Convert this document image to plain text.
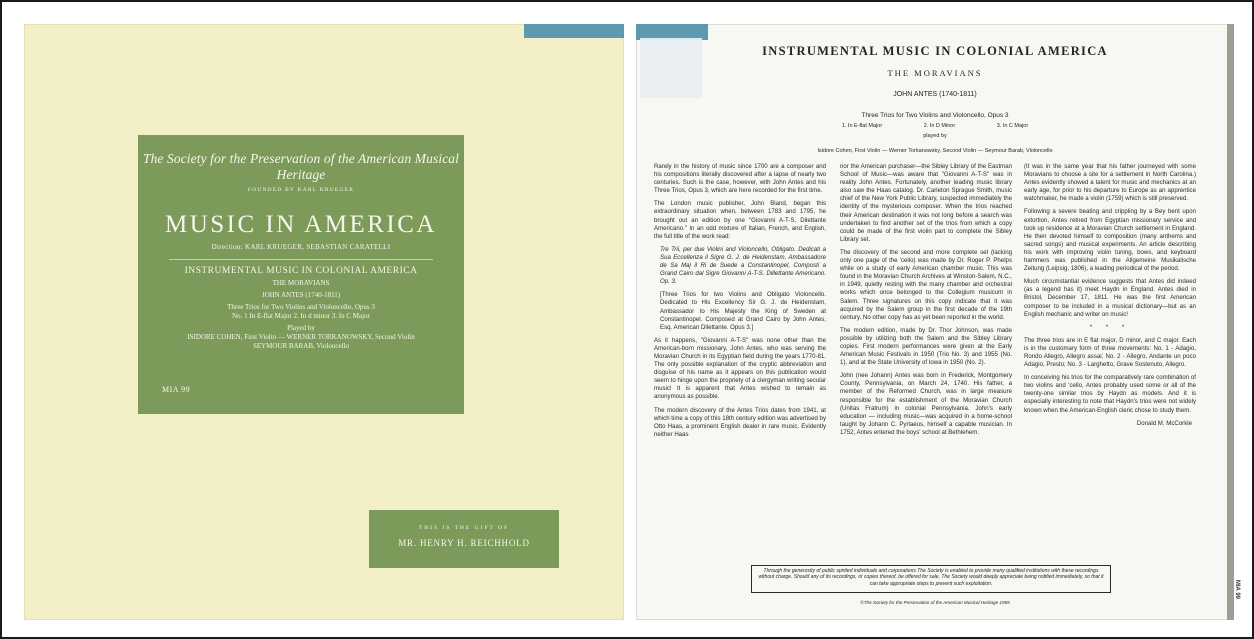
The Society for the Preservation of the American Musical Heritage
FOUNDED BY KARL KRUEGER
MUSIC IN AMERICA
Direction: KARL KRUEGER, SEBASTIAN CARATELLI
INSTRUMENTAL MUSIC IN COLONIAL AMERICA
THE MORAVIANS
JOHN ANTES (1740-1811)
Three Trios for Two Violins and Violoncello, Opus 3
No. 1 In E-flat Major 2. In d minor 3. In C Major
Played by
ISIDORE COHEN, First Violin — WERNER TORKANOWSKY, Second Violin
SEYMOUR BARAB, Violoncello
MIA 99
THIS IS THE GIFT OF
MR. HENRY H. REICHHOLD
MIA 99
INSTRUMENTAL MUSIC IN COLONIAL AMERICA
THE MORAVIANS
JOHN ANTES (1740-1811)
Three Trios for Two Violins and Violoncello, Opus 3
1. In E-flat Major	2. In D Minor	3. In C Major
played by
Isidore Cohen, First Violin — Werner Torkanowsky, Second Violin — Seymour Barab, Violoncello

Rarely in the history of music since 1700 are a composer and his compositions literally discovered after a lapse of nearly two centuries. Such is the case, however, with John Antes and his Three Trios, Opus 3, which are here recorded for the first time.

The London music publisher, John Bland, began this extraordinary situation when, between 1783 and 1795, he brought out an edition by one "Giovanni A-T-S, Dilettante Americano." In an odd mixture of Italian, French, and English, the full title of the work read:

Tre Trii, per due Violini and Violoncello, Obligato. Dedicati a Sua Eccellenza il Sigre G. J. de Heidenstam, Ambassadore de Sa Maj il Ri de Suede a Constantinopel, Composti a Grand Cairo dal Sigre Giovanni A-T-S. Dillettante Americano. Op. 3.

[Three Trios for two Violins and Obligato Violoncello. Dedicated to His Excellency Sir G. J. de Heidenstam, Ambassador to His Majesty the King of Sweden at Constantinopel. Composed at Grand Cairo by John Antes, Esq. American Dilettante. Opus 3.]

As it happens, "Giovanni A-T-S" was none other than the American-born missionary, John Antes, who was serving the Moravian Church in its Egyptian field during the years 1770-81. The only possible explanation of the cryptic abbreviation and disguise of his name as it appears on this publication would seem to hinge upon the propriety of a clergyman writing secular music! It is apparent that Antes wished to remain as anonymous as possible.

The modern discovery of the Antes Trios dates from 1941, at which time a copy of this 18th century edition was advertised by Otto Haas, a prominent English dealer in rare music. Evidently neither Haas

nor the American purchaser—the Sibley Library of the Eastman School of Music—was aware that "Giovanni A-T-S" was in reality John Antes. Fortunately, another leading music library also saw the Haas catalog. Dr. Carleton Sprague Smith, music chief of the New York Public Library, suspected immediately the identity of the mysterious composer. When the trios reached their American destination it was not long before a search was undertaken to find another set of the trios from which a copy could be made of the first violin part to complete the Sibley Library set.

The discovery of the second and more complete set (lacking only one page of the 'cello) was made by Dr. Roger P. Phelps while on a study of early American chamber music. This was found in the Moravian Church Archives at Winston-Salem, N.C., in 1949, quietly resting with the many chamber and orchestral works which once belonged to the Collegium musicum in Salem. Three signatures on this copy indicate that it was acquired by the Salem group in the first decade of the 19th century. No other copy has as yet been reported in the world.

The modern edition, made by Dr. Thor Johnson, was made possible by utilizing both the Salem and the Sibley Library copies. First modern performances were given at the Early American Music Festivals in 1950 (Trio No. 3) and 1955 (No. 1), and at the State University of Iowa in 1950 (No. 2).

John (nee Johann) Antes was born in Frederick, Montgomery County, Pennsylvania, on March 24, 1740. His father, a member of the Reformed Church, was in large measure responsible for the establishment of the Moravian Church (Unitas Fratrum) in colonial Pennsylvania. John's early education — including music—was acquired in a home-school taught by Johann C. Pyrlaeus, himself a capable musician. In 1752, Antes entered the boys' school at Bethlehem.

(It was in the same year that his father journeyed with some Moravians to choose a site for a settlement in North Carolina.) Antes evidently showed a talent for music and mechanics at an early age, for prior to his departure to Europe as an apprentice watchmaker, he made a violin (1759) which is still preserved.

Following a severe beating and crippling by a Bey bent upon extortion, Antes retired from Egyptian missionary service and took up residence at a Moravian Church settlement in England. He then devoted himself to composition (many anthems and sacred songs) and musical experiments. An article describing his work with improving violin tuning, bows, and keyboard hammers was published in the Allgemeine Musikalische Zeitung (Leipsig, 1806), a leading periodical of the period.

Much circumstantial evidence suggests that Antes did indeed (as a legend has it) meet Haydn in England. Antes died in Bristol, December 17, 1811. He was the first American composer to be included in a musical dictionary—but as an English mechanic and writer on music!

* * *

The three trios are in E flat major, D minor, and C major. Each is in the customary form of three movements: No. 1 - Adagio, Rondo Allegro, Allegro assai; No. 2 - Allegro, Andante un poco Adagio, Presto; No. 3 - Larghetto, Grave Sostenuto, Allegro.

In conceiving his trios for the comparatively rare combination of two violins and 'cello, Antes probably used some or all of the twenty-one similar trios by Haydn as models. And it is especially interesting to note that Haydn's trios were not widely known when the American-English cleric chose to study them.

Donald M. McCorkle

Through the generosity of public spirited individuals and corporations The Society is enabled to provide many qualified institutions with these recordings without charge. Should any of its recordings, or copies thereof, be offered for sale, The Society would deeply appreciate being notified immediately, so that it can take appropriate steps to prevent such exploitation.
©The Society for the Preservation of the American Musical Heritage 1959
